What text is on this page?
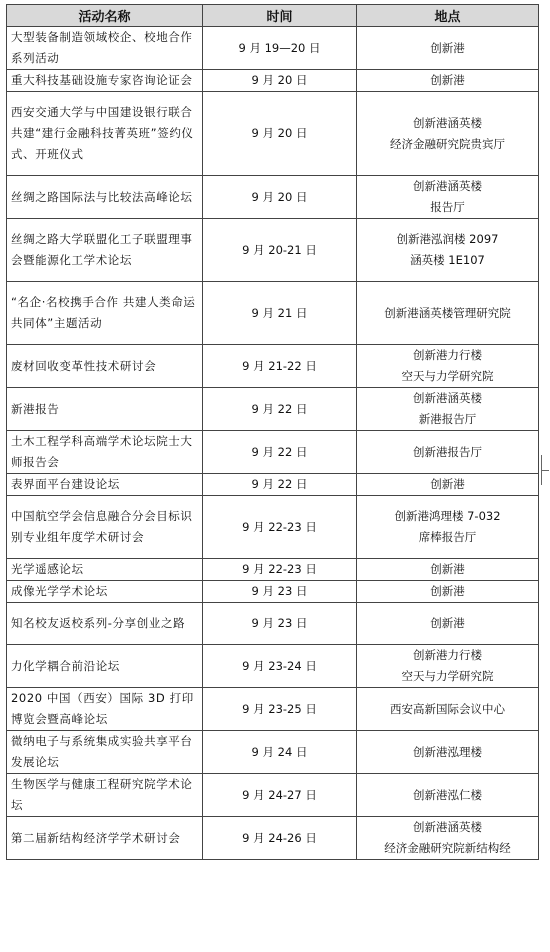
活动名称	时间	地点
大型装备制造领域校企、校地合作系列活动	9 月 19—20 日	创新港

重大科技基础设施专家咨询论证会	9 月 20 日	创新港

西安交通大学与中国建设银行联合共建“建行金融科技菁英班”签约仪式、开班仪式	9 月 20 日	创新港涵英楼
经济金融研究院贵宾厅

丝绸之路国际法与比较法高峰论坛	9 月 20 日	创新港涵英楼
报告厅

丝绸之路大学联盟化工子联盟理事会暨能源化工学术论坛	9 月 20-21 日	创新港泓润楼 2097
涵英楼 1E107

“名企·名校携手合作 共建人类命运共同体”主题活动	9 月 21 日	创新港涵英楼管理研究院

废材回收变革性技术研讨会	9 月 21-22 日	创新港力行楼
空天与力学研究院

新港报告	9 月 22 日	创新港涵英楼
新港报告厅

土木工程学科高端学术论坛院士大师报告会	9 月 22 日	创新港报告厅

表界面平台建设论坛	9 月 22 日	创新港

中国航空学会信息融合分会目标识别专业组年度学术研讨会	9 月 22-23 日	创新港鸿理楼 7-032
席棒报告厅

光学遥感论坛	9 月 22-23 日	创新港

成像光学学术论坛	9 月 23 日	创新港

知名校友返校系列-分享创业之路	9 月 23 日	创新港

力化学耦合前沿论坛	9 月 23-24 日	创新港力行楼
空天与力学研究院

2020 中国（西安）国际 3D 打印博览会暨高峰论坛	9 月 23-25 日	西安高新国际会议中心

微纳电子与系统集成实验共享平台发展论坛	9 月 24 日	创新港泓理楼

生物医学与健康工程研究院学术论坛	9 月 24-27 日	创新港泓仁楼

第二届新结构经济学学术研讨会	9 月 24-26 日	创新港涵英楼
经济金融研究院新结构经
